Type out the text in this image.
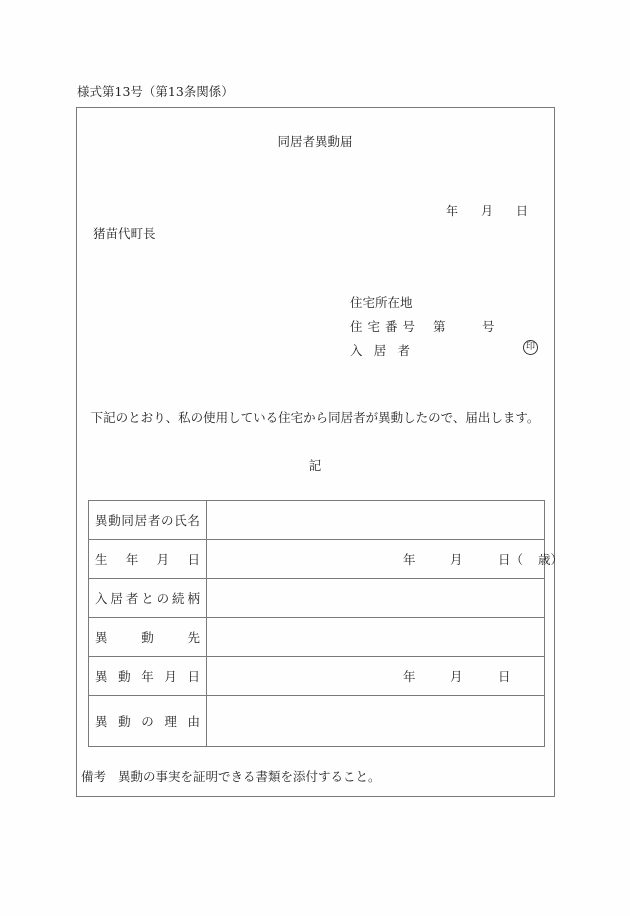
様式第13号（第13条関係）
同居者異動届
年 月 日
猪苗代町長
住宅所在地
住 宅 番 号 第	号
入 居 者	印
下記のとおり、私の使用している住宅から同居者が異動したので、届出します。
記
異 動 同 居 者 の 氏 名

生 年 月 日	年 月 日（ 歳）

入 居 者 と の 続 柄

異 動 先	

異 動 年 月 日	年 月 日

異 動 の 理 由	

備考 異動の事実を証明できる書類を添付すること。
